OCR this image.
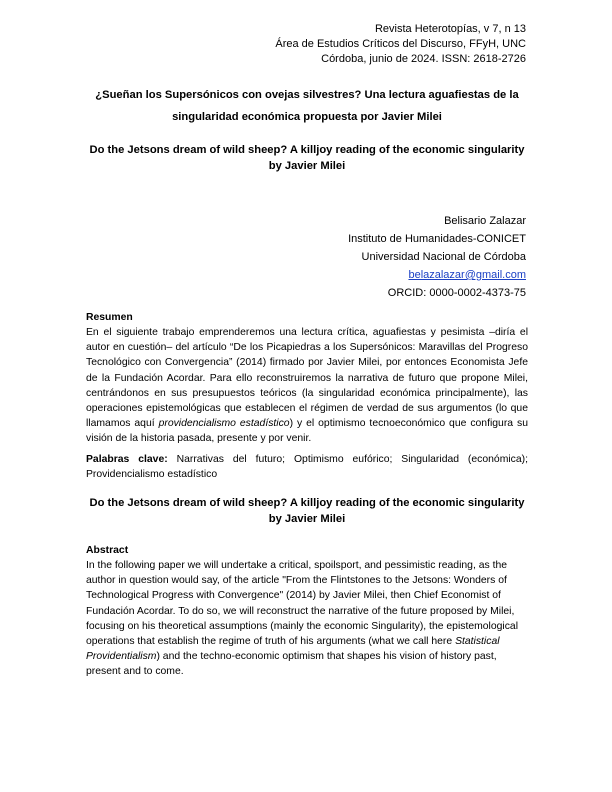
Revista Heterotopías, v 7, n 13
Área de Estudios Críticos del Discurso, FFyH, UNC
Córdoba, junio de 2024. ISSN: 2618-2726
¿Sueñan los Supersónicos con ovejas silvestres? Una lectura aguafiestas de la singularidad económica propuesta por Javier Milei
Do the Jetsons dream of wild sheep? A killjoy reading of the economic singularity by Javier Milei
Belisario Zalazar
Instituto de Humanidades-CONICET
Universidad Nacional de Córdoba
belazalazar@gmail.com
ORCID: 0000-0002-4373-75
Resumen

En el siguiente trabajo emprenderemos una lectura crítica, aguafiestas y pesimista –diría el autor en cuestión– del artículo “De los Picapiedras a los Supersónicos: Maravillas del Progreso Tecnológico con Convergencia” (2014) firmado por Javier Milei, por entonces Economista Jefe de la Fundación Acordar. Para ello reconstruiremos la narrativa de futuro que propone Milei, centrándonos en sus presupuestos teóricos (la singularidad económica principalmente), las operaciones epistemológicas que establecen el régimen de verdad de sus argumentos (lo que llamamos aquí providencialismo estadístico) y el optimismo tecnoeconómico que configura su visión de la historia pasada, presente y por venir.

Palabras clave: Narrativas del futuro; Optimismo eufórico; Singularidad (económica); Providencialismo estadístico
Do the Jetsons dream of wild sheep? A killjoy reading of the economic singularity by Javier Milei
Abstract

In the following paper we will undertake a critical, spoilsport, and pessimistic reading, as the author in question would say, of the article "From the Flintstones to the Jetsons: Wonders of Technological Progress with Convergence" (2014) by Javier Milei, then Chief Economist of Fundación Acordar. To do so, we will reconstruct the narrative of the future proposed by Milei, focusing on his theoretical assumptions (mainly the economic Singularity), the epistemological operations that establish the regime of truth of his arguments (what we call here Statistical Providentialism) and the techno-economic optimism that shapes his vision of history past, present and to come.
